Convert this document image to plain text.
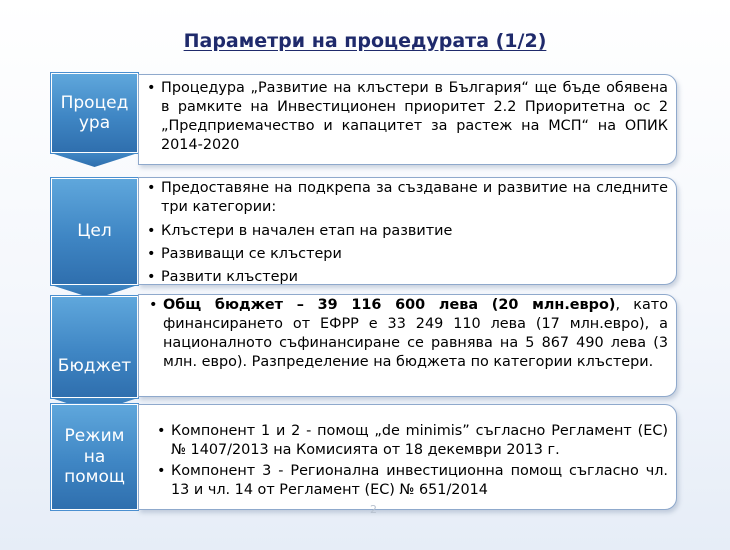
Параметри на процедурата (1/2)
Процедура
• Процедура „Развитие на клъстери в България“ ще бъде обявена в рамките на Инвестиционен приоритет 2.2 Приоритетна ос 2 „Предприемачество и капацитет за растеж на МСП“ на ОПИК 2014-2020
Цел
• Предоставяне на подкрепа за създаване и развитие на следните три категории:
• Клъстери в начален етап на развитие
• Развиващи се клъстери
• Развити клъстери
Бюджет
• Общ бюджет – 39 116 600 лева (20 млн.евро), като финансирането от ЕФРР е 33 249 110 лева (17 млн.евро), а националното съфинансиране се равнява на 5 867 490 лева (3 млн. евро). Разпределение на бюджета по категории клъстери.
Режим на помощ
• Компонент 1 и 2 - помощ „de minimis” съгласно Регламент (ЕС) № 1407/2013 на Комисията от 18 декември 2013 г.
• Компонент 3 - Регионална инвестиционна помощ съгласно чл. 13 и чл. 14 от Регламент (ЕС) № 651/2014
2
